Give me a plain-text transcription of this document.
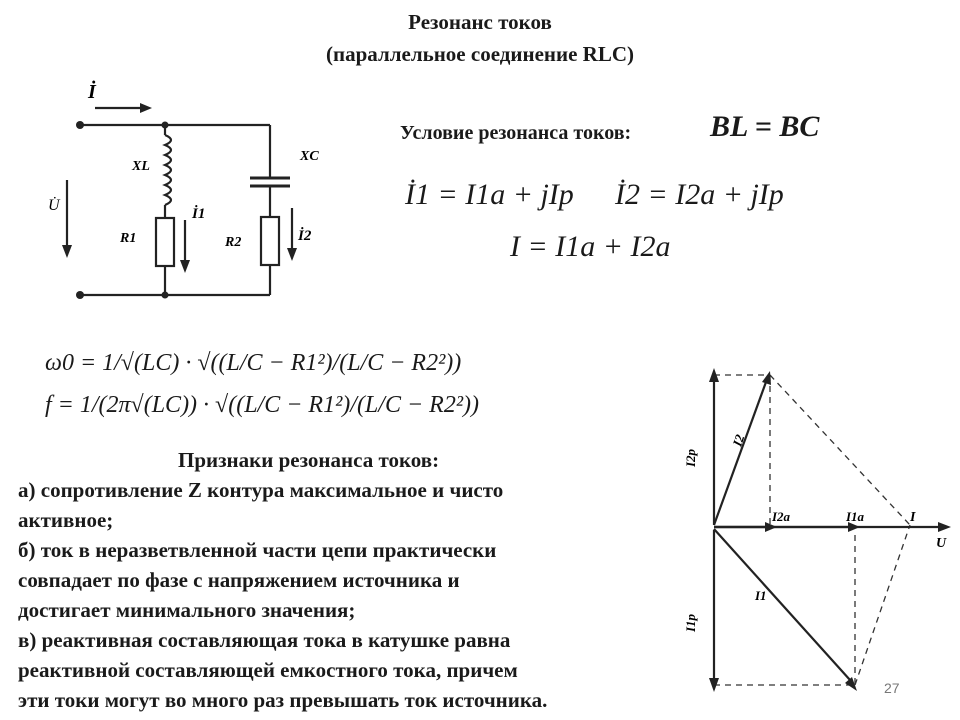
Резонанс токов
(параллельное соединение RLC)
İ
U̇
XL
XC
R1	R2
İ1
İ2
Условие резонанса токов:	BL = BC
İ1 = I1a + jIp İ2 = I2a + jIp
I = I1a + I2a
ω0 = 1/√(LC) · √((L/C − R1²)/(L/C − R2²))
f = 1/(2π√(LC)) · √((L/C − R1²)/(L/C − R2²))
Признаки резонанса токов:

а) сопротивление Z контура максимальное и чисто

активное;

б) ток в неразветвленной части цепи практически

совпадает по фазе с напряжением источника и

достигает минимального значения;

в) реактивная составляющая тока в катушке равна

реактивной составляющей емкостного тока, причем

эти токи могут во много раз превышать ток источника.

I2p
I1p
I2
I1
I2a	I1a	I
U
27
